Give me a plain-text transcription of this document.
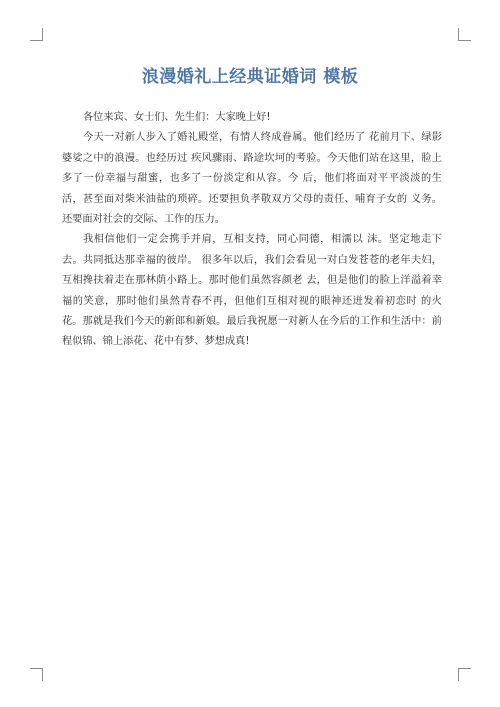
浪漫婚礼上经典证婚词 模板

各位来宾、女士们、先生们：大家晚上好!

今天一对新人步入了婚礼殿堂，有情人终成眷属。他们经历了 花前月下、绿影婆娑之中的浪漫。也经历过 疾风骤雨、路途坎坷的考验。今天他们站在这里，脸上多了一份幸福与甜蜜，也多了一份淡定和从容。今 后，他们将面对平平淡淡的生活，甚至面对柴米油盐的琐碎。还要担负孝敬双方父母的责任、哺育子女的 义务。还要面对社会的交际、工作的压力。

我相信他们一定会携手并肩，互相支持，同心同德，相濡以 沫。坚定地走下去。共同抵达那幸福的彼岸。 很多年以后，我们会看见一对白发苍苍的老年夫妇，互相搀扶着走在那林荫小路上。那时他们虽然容颜老 去，但是他们的脸上洋溢着幸福的笑意，那时他们虽然青春不再，但他们互相对视的眼神还迸发着初恋时 的火花。那就是我们今天的新郎和新娘。最后我祝愿一对新人在今后的工作和生活中：前程似锦、锦上添花、花中有梦、梦想成真!
